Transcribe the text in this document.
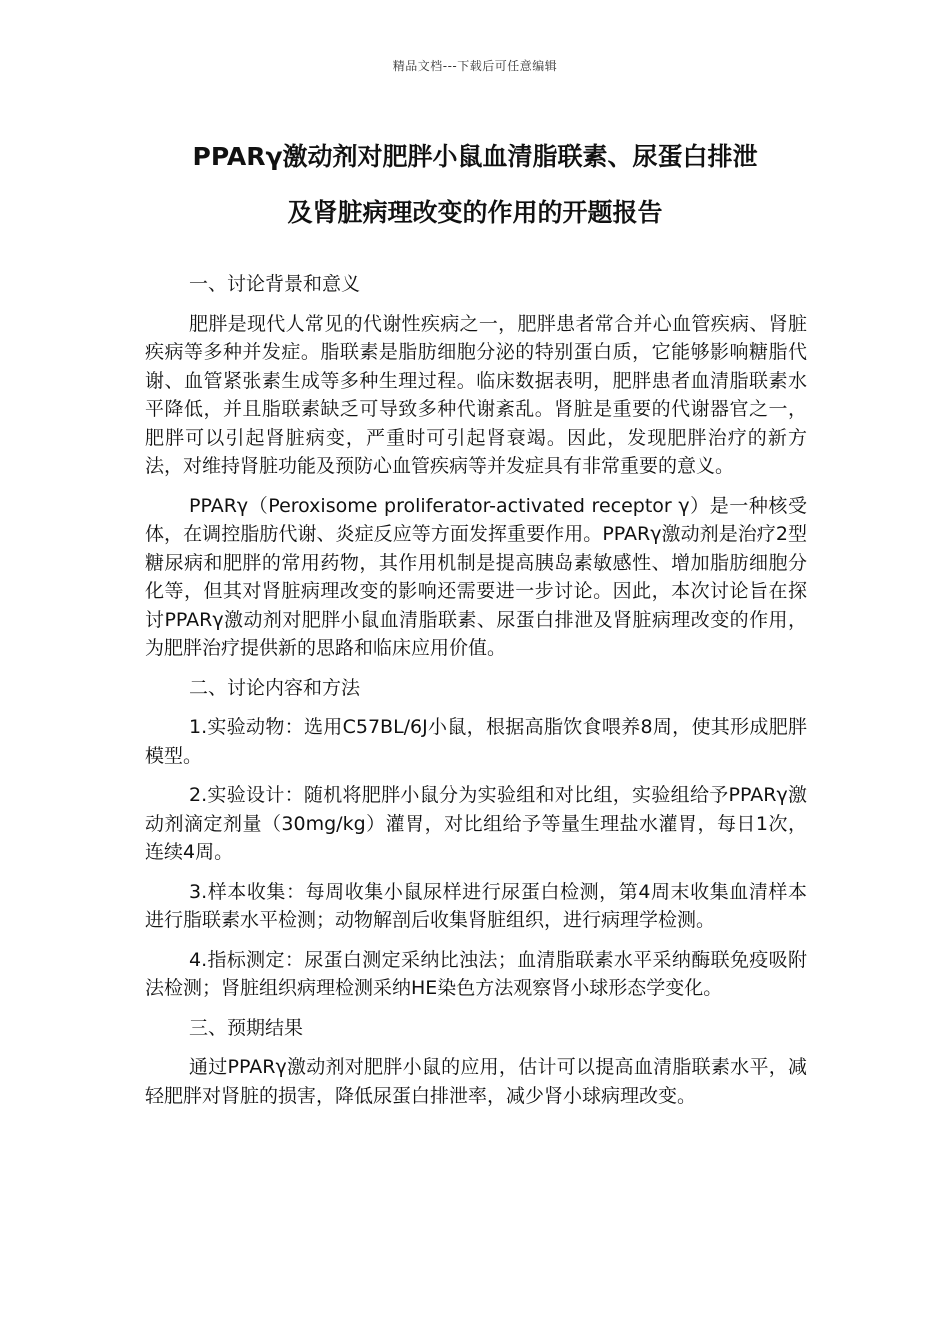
精品文档---下载后可任意编辑
PPARγ激动剂对肥胖小鼠血清脂联素、尿蛋白排泄
及肾脏病理改变的作用的开题报告

一、讨论背景和意义

肥胖是现代人常见的代谢性疾病之一，肥胖患者常合并心血管疾病、肾脏疾病等多种并发症。脂联素是脂肪细胞分泌的特别蛋白质，它能够影响糖脂代谢、血管紧张素生成等多种生理过程。临床数据表明，肥胖患者血清脂联素水平降低，并且脂联素缺乏可导致多种代谢紊乱。肾脏是重要的代谢器官之一，肥胖可以引起肾脏病变，严重时可引起肾衰竭。因此，发现肥胖治疗的新方法，对维持肾脏功能及预防心血管疾病等并发症具有非常重要的意义。

PPARγ（Peroxisome proliferator-activated receptor γ）是一种核受体，在调控脂肪代谢、炎症反应等方面发挥重要作用。PPARγ激动剂是治疗2型糖尿病和肥胖的常用药物，其作用机制是提高胰岛素敏感性、增加脂肪细胞分化等，但其对肾脏病理改变的影响还需要进一步讨论。因此，本次讨论旨在探讨PPARγ激动剂对肥胖小鼠血清脂联素、尿蛋白排泄及肾脏病理改变的作用，为肥胖治疗提供新的思路和临床应用价值。

二、讨论内容和方法

1.实验动物：选用C57BL/6J小鼠，根据高脂饮食喂养8周，使其形成肥胖模型。

2.实验设计：随机将肥胖小鼠分为实验组和对比组，实验组给予PPARγ激动剂滴定剂量（30mg/kg）灌胃，对比组给予等量生理盐水灌胃，每日1次，连续4周。

3.样本收集：每周收集小鼠尿样进行尿蛋白检测，第4周末收集血清样本进行脂联素水平检测；动物解剖后收集肾脏组织，进行病理学检测。

4.指标测定：尿蛋白测定采纳比浊法；血清脂联素水平采纳酶联免疫吸附法检测；肾脏组织病理检测采纳HE染色方法观察肾小球形态学变化。

三、预期结果

通过PPARγ激动剂对肥胖小鼠的应用，估计可以提高血清脂联素水平，减轻肥胖对肾脏的损害，降低尿蛋白排泄率，减少肾小球病理改变。
